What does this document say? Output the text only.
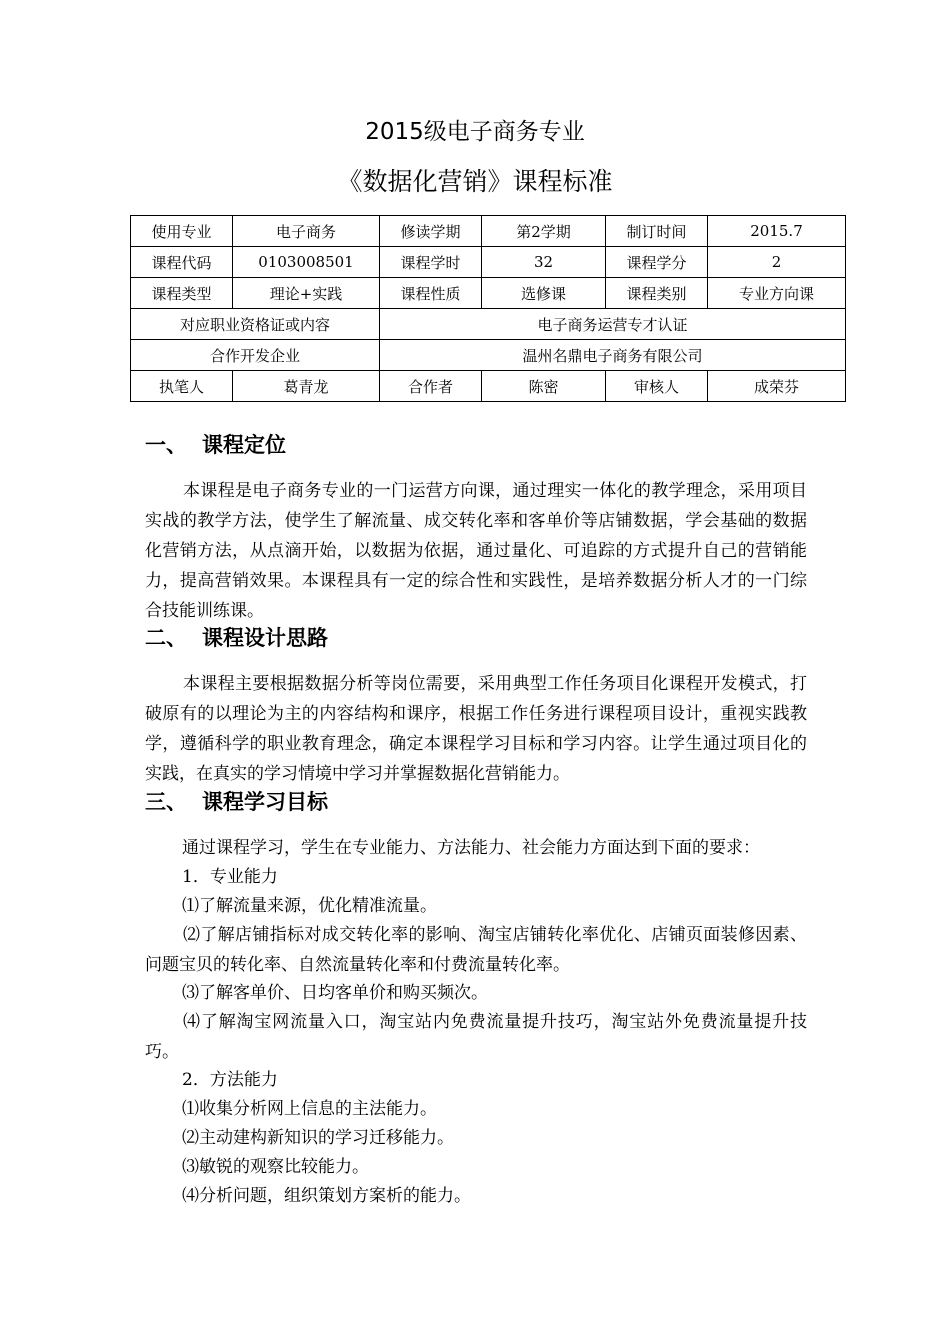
2015级电子商务专业
《数据化营销》课程标准
使用专业	电子商务	修读学期	第2学期	制订时间	2015.7
课程代码	0103008501	课程学时	32	课程学分	2
课程类型	理论+实践	课程性质	选修课	课程类别	专业方向课
对应职业资格证或内容		电子商务运营专才认证			
合作开发企业		温州名鼎电子商务有限公司			
执笔人	葛青龙	合作者	陈密	审核人	成荣芬
一、 课程定位

本课程是电子商务专业的一门运营方向课，通过理实一体化的教学理念，采用项目实战的教学方法，使学生了解流量、成交转化率和客单价等店铺数据，学会基础的数据化营销方法，从点滴开始，以数据为依据，通过量化、可追踪的方式提升自己的营销能力，提高营销效果。本课程具有一定的综合性和实践性，是培养数据分析人才的一门综合技能训练课。

二、 课程设计思路

本课程主要根据数据分析等岗位需要，采用典型工作任务项目化课程开发模式，打破原有的以理论为主的内容结构和课序，根据工作任务进行课程项目设计，重视实践教学，遵循科学的职业教育理念，确定本课程学习目标和学习内容。让学生通过项目化的实践，在真实的学习情境中学习并掌握数据化营销能力。

三、 课程学习目标
通过课程学习，学生在专业能力、方法能力、社会能力方面达到下面的要求：
1．专业能力
⑴了解流量来源，优化精准流量。

⑵了解店铺指标对成交转化率的影响、淘宝店铺转化率优化、店铺页面装修因素、问题宝贝的转化率、自然流量转化率和付费流量转化率。

⑶了解客单价、日均客单价和购买频次。

⑷了解淘宝网流量入口，淘宝站内免费流量提升技巧，淘宝站外免费流量提升技巧。

2．方法能力
⑴收集分析网上信息的主法能力。
⑵主动建构新知识的学习迁移能力。
⑶敏锐的观察比较能力。
⑷分析问题，组织策划方案析的能力。
